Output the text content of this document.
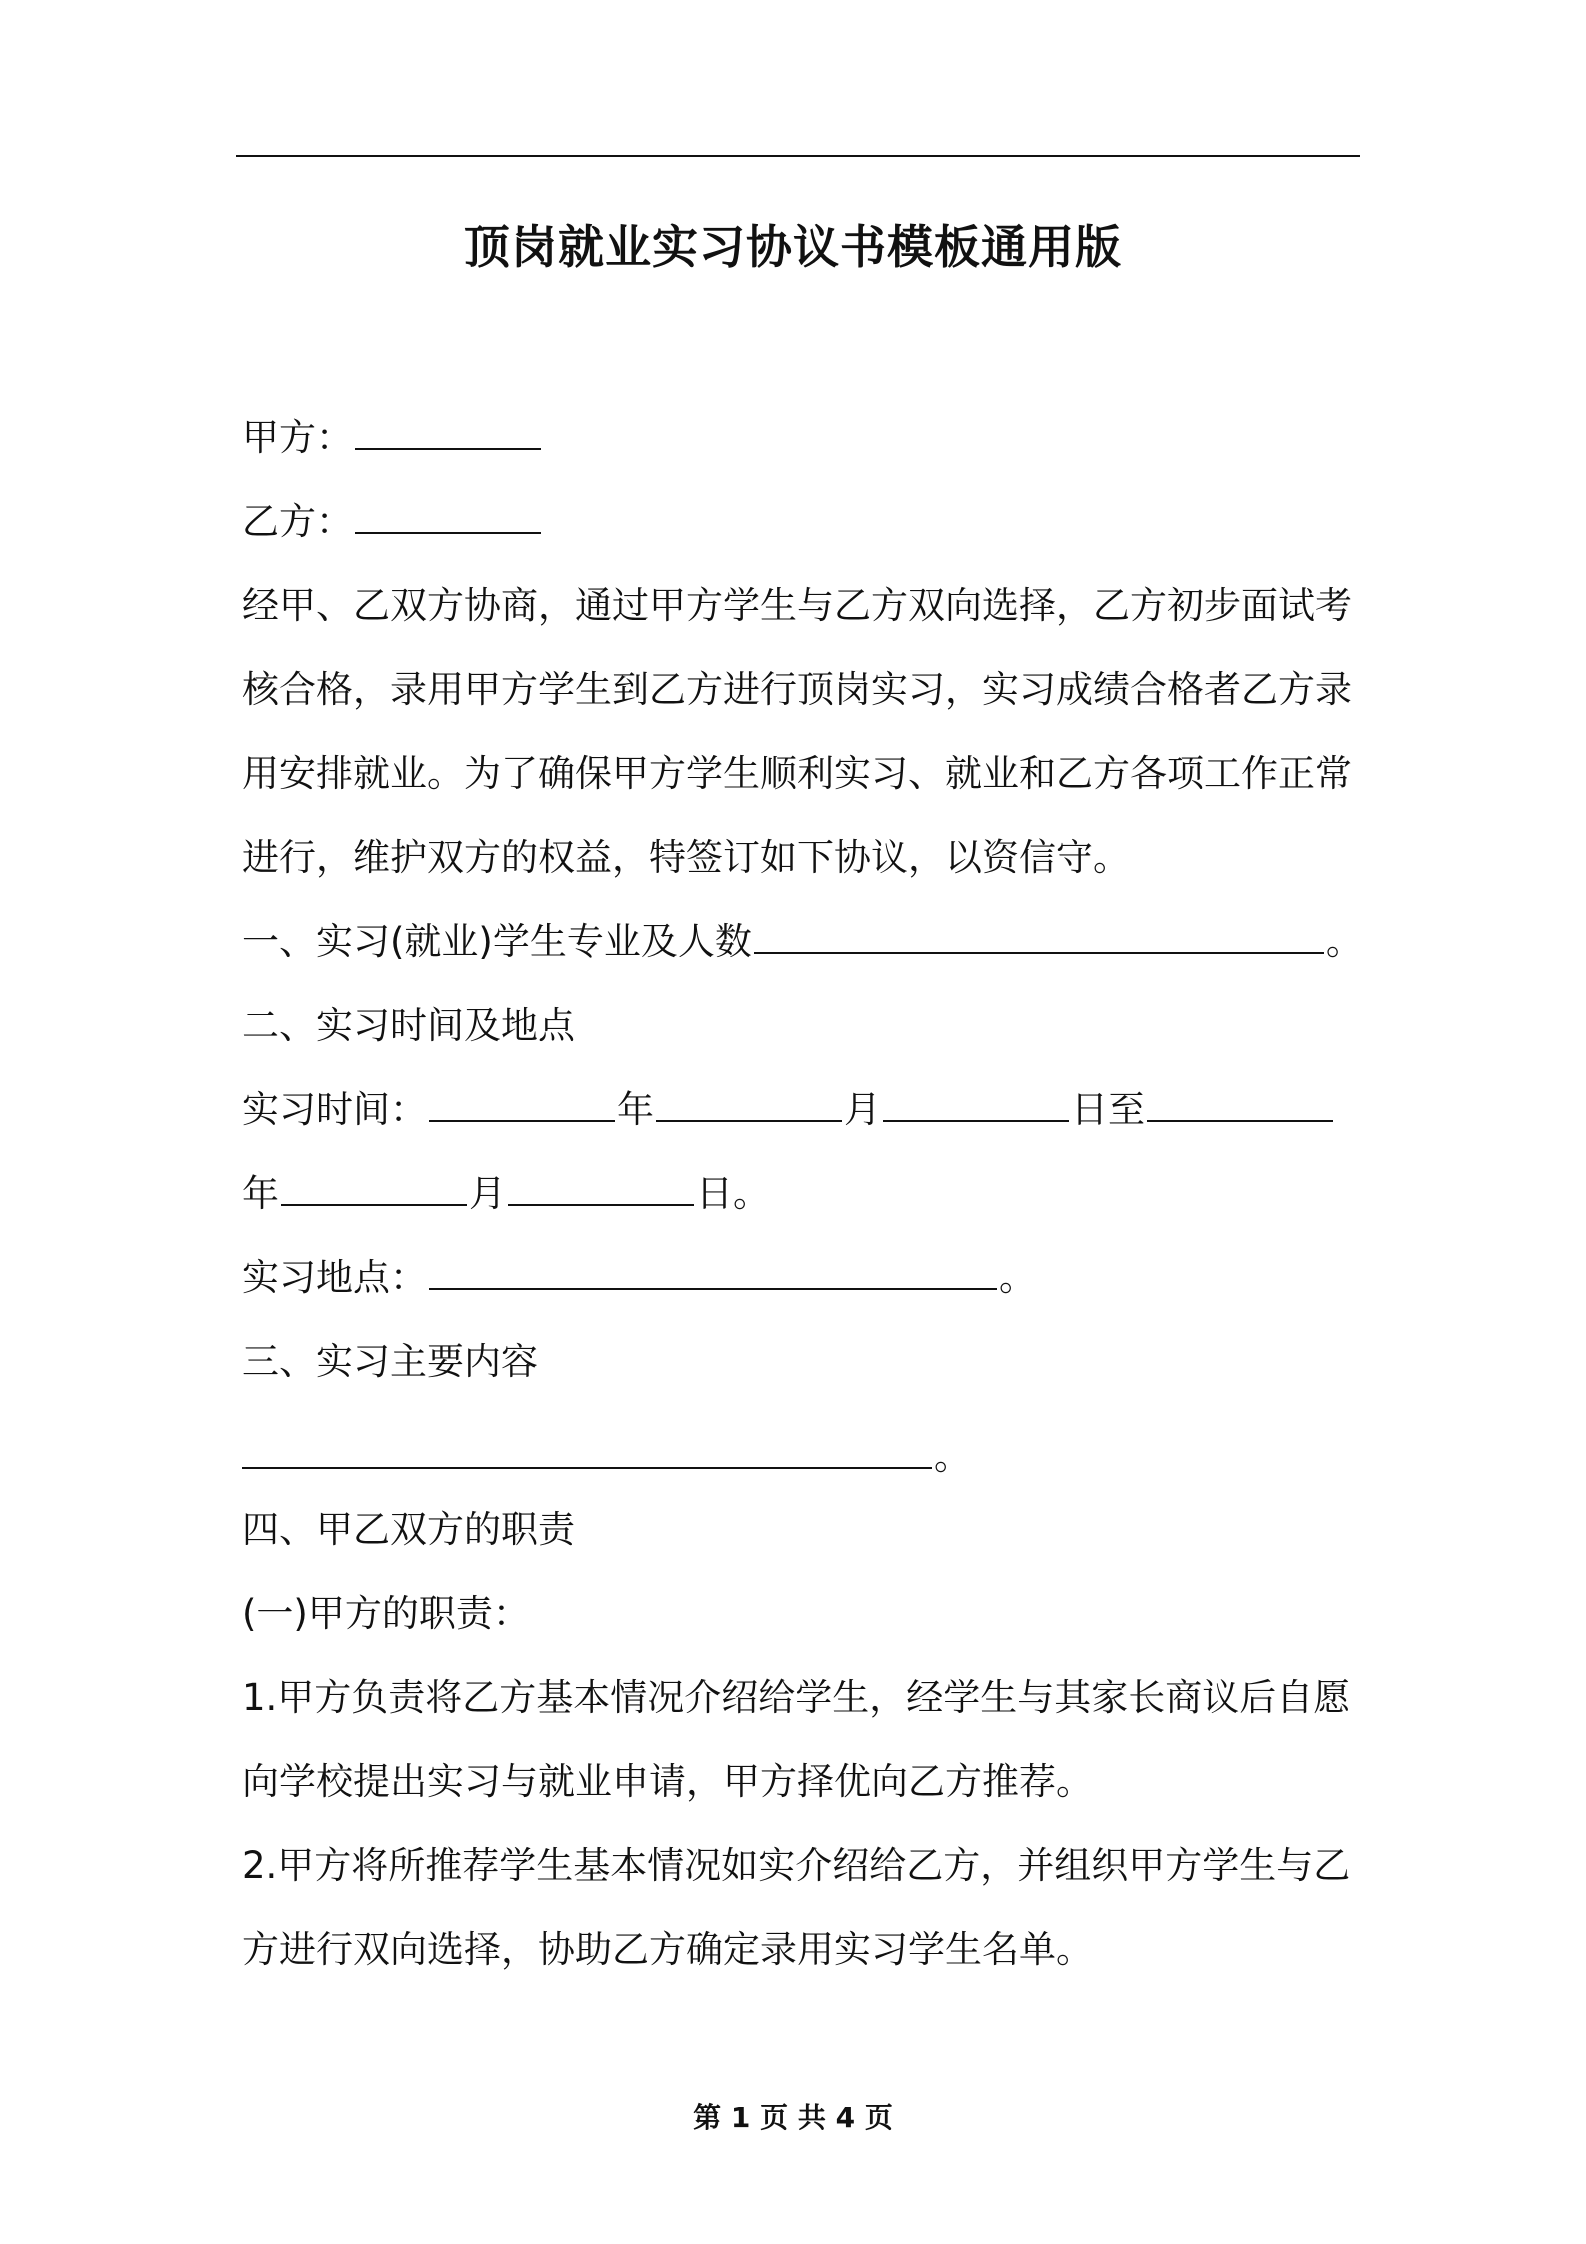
顶岗就业实习协议书模板通用版
甲方：
乙方：
经甲、乙双方协商，通过甲方学生与乙方双向选择，乙方初步面试考
核合格，录用甲方学生到乙方进行顶岗实习，实习成绩合格者乙方录
用安排就业。为了确保甲方学生顺利实习、就业和乙方各项工作正常
进行，维护双方的权益，特签订如下协议，以资信守。
一、实习(就业)学生专业及人数	。
二、实习时间及地点
实习时间：	年	月	日至
年	月	日。
实习地点：	。
三、实习主要内容
。
四、甲乙双方的职责
(一)甲方的职责：
1.甲方负责将乙方基本情况介绍给学生，经学生与其家长商议后自愿
向学校提出实习与就业申请，甲方择优向乙方推荐。
2.甲方将所推荐学生基本情况如实介绍给乙方，并组织甲方学生与乙
方进行双向选择，协助乙方确定录用实习学生名单。
第 1 页 共 4 页
